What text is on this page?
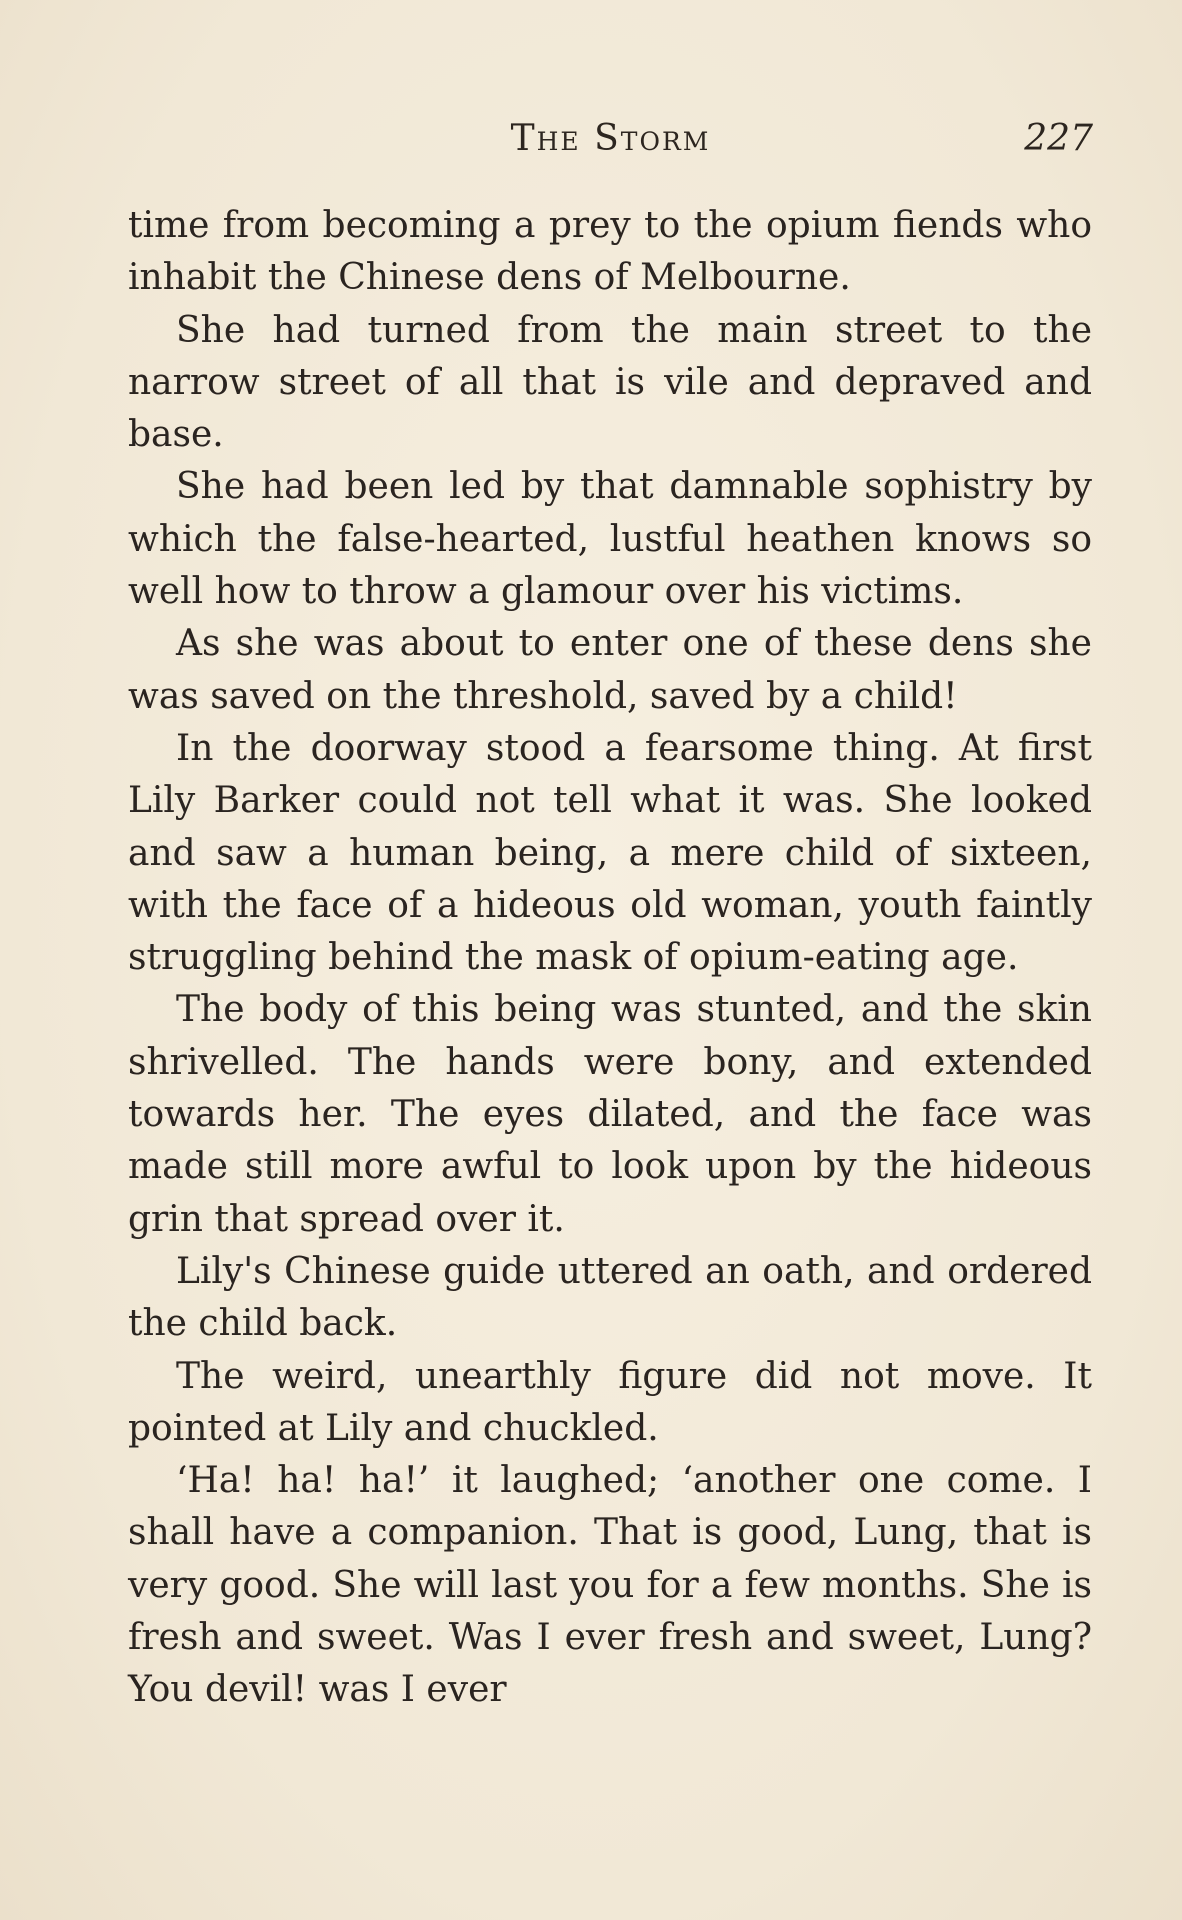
The Storm	227

time from becoming a prey to the opium fiends who inhabit the Chinese dens of Melbourne.

She had turned from the main street to the narrow street of all that is vile and depraved and base.

She had been led by that damnable sophistry by which the false-hearted, lustful heathen knows so well how to throw a glamour over his victims.

As she was about to enter one of these dens she was saved on the threshold, saved by a child!

In the doorway stood a fearsome thing. At first Lily Barker could not tell what it was. She looked and saw a human being, a mere child of sixteen, with the face of a hideous old woman, youth faintly struggling behind the mask of opium-eating age.

The body of this being was stunted, and the skin shrivelled. The hands were bony, and extended towards her. The eyes dilated, and the face was made still more awful to look upon by the hideous grin that spread over it.

Lily's Chinese guide uttered an oath, and ordered the child back.

The weird, unearthly figure did not move. It pointed at Lily and chuckled.

‘Ha! ha! ha!’ it laughed; ‘another one come. I shall have a companion. That is good, Lung, that is very good. She will last you for a few months. She is fresh and sweet. Was I ever fresh and sweet, Lung? You devil! was I ever
